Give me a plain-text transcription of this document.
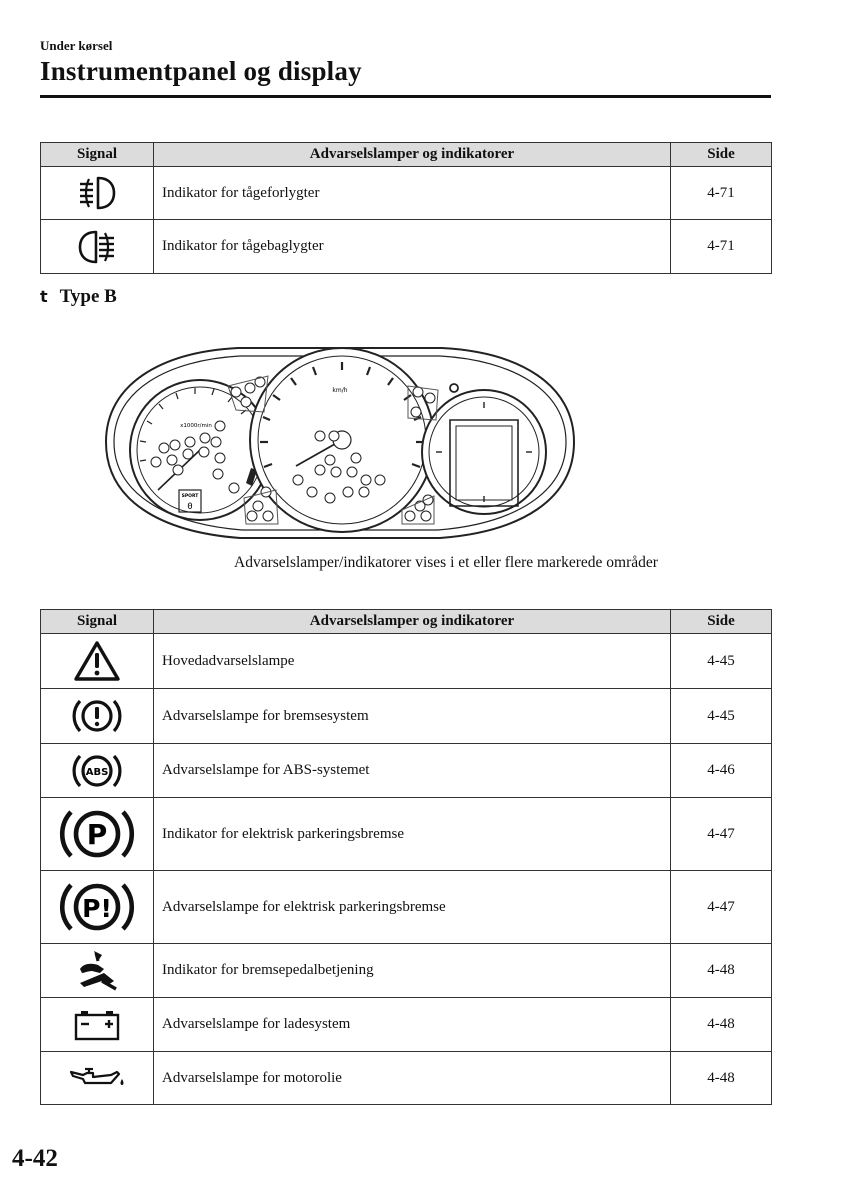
Under kørsel
Instrumentpanel og display
Signal	Advarselslamper og indikatorer	Side

	Indikator for tågeforlygter	4-71

	Indikator for tågebaglygter	4-71
t Type B
x1000r/min
SPORT
0
km/h
Advarselslamper/indikatorer vises i et eller flere markerede områder
Signal	Advarselslamper og indikatorer	Side

	Hovedadvarselslampe	4-45

	Advarselslampe for bremsesystem	4-45

ABS	Advarselslampe for ABS-systemet	4-46

P	Indikator for elektrisk parkeringsbremse	4-47

P!	Advarselslampe for elektrisk parkeringsbremse	4-47

	Indikator for bremsepedalbetjening	4-48

	Advarselslampe for ladesystem	4-48

	Advarselslampe for motorolie	4-48
4-42
